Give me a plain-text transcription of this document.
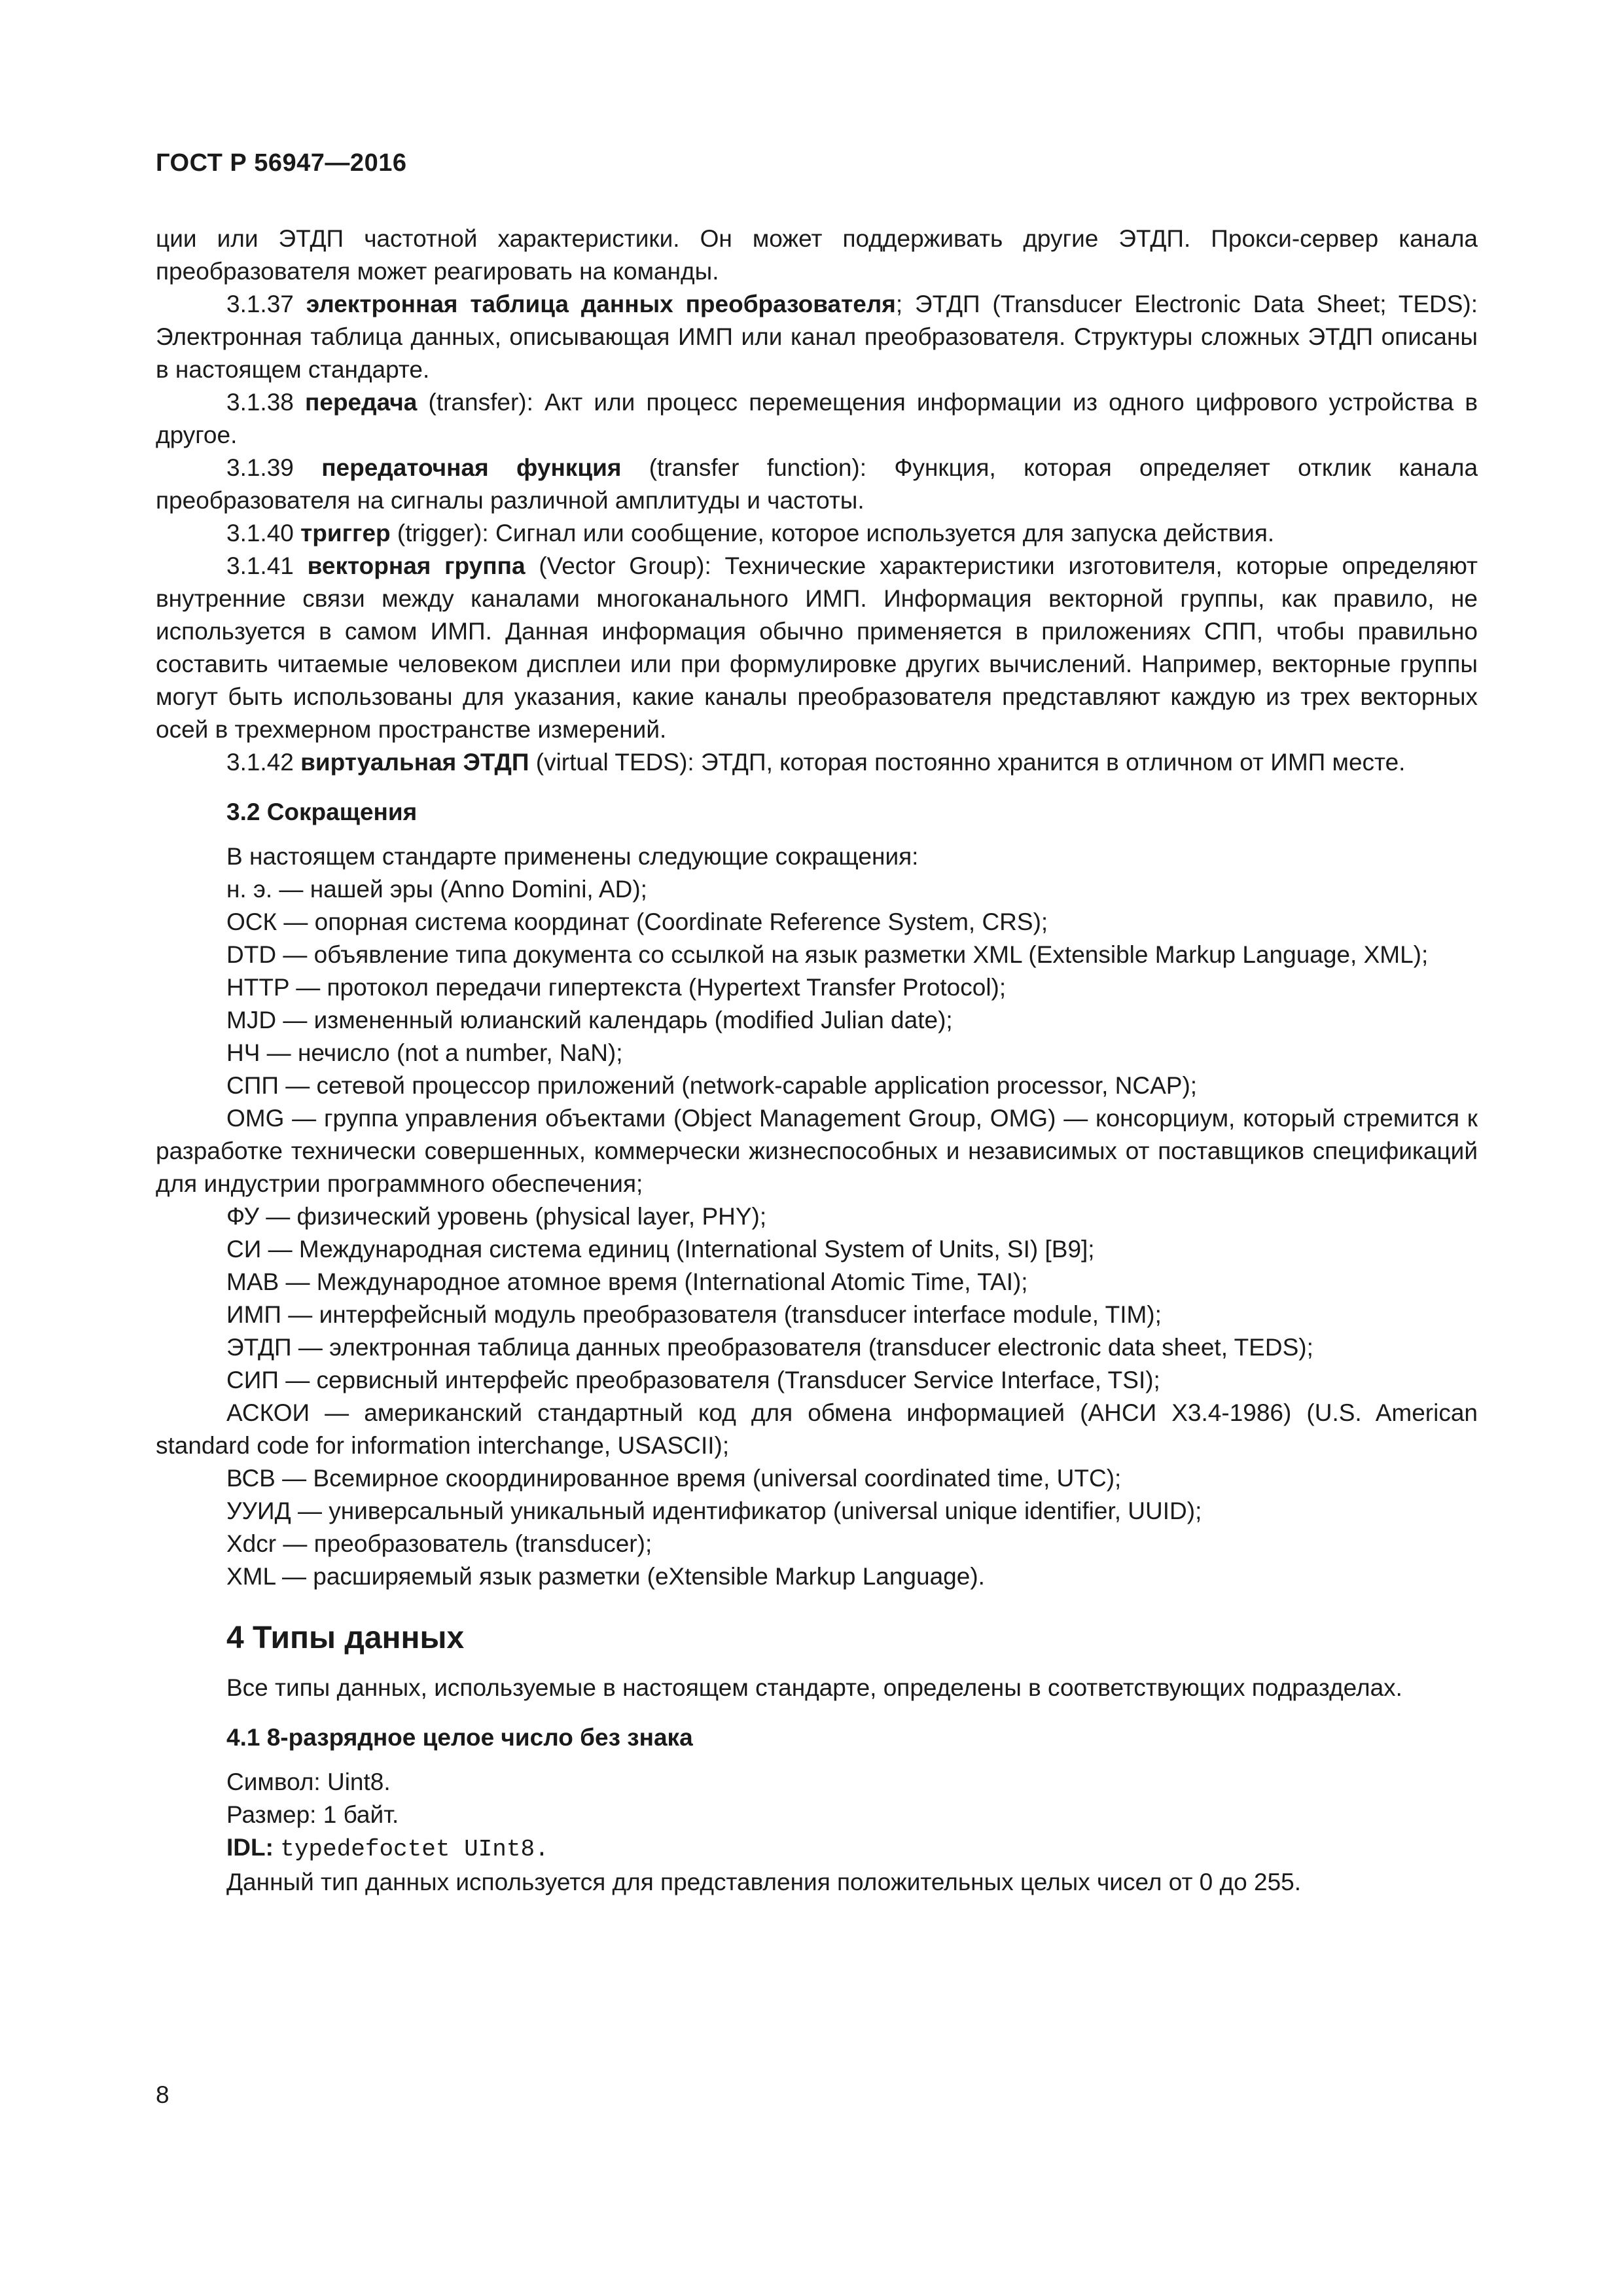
ГОСТ Р 56947—2016

ции или ЭТДП частотной характеристики. Он может поддерживать другие ЭТДП. Прокси-сервер канала преобразователя может реагировать на команды.

3.1.37 электронная таблица данных преобразователя; ЭТДП (Transducer Electronic Data Sheet; TEDS): Электронная таблица данных, описывающая ИМП или канал преобразователя. Структуры сложных ЭТДП описаны в настоящем стандарте.

3.1.38 передача (transfer): Акт или процесс перемещения информации из одного цифрового устройства в другое.

3.1.39 передаточная функция (transfer function): Функция, которая определяет отклик канала преобразователя на сигналы различной амплитуды и частоты.

3.1.40 триггер (trigger): Сигнал или сообщение, которое используется для запуска действия.

3.1.41 векторная группа (Vector Group): Технические характеристики изготовителя, которые определяют внутренние связи между каналами многоканального ИМП. Информация векторной группы, как правило, не используется в самом ИМП. Данная информация обычно применяется в приложениях СПП, чтобы правильно составить читаемые человеком дисплеи или при формулировке других вычислений. Например, векторные группы могут быть использованы для указания, какие каналы преобразователя представляют каждую из трех векторных осей в трехмерном пространстве измерений.

3.1.42 виртуальная ЭТДП (virtual TEDS): ЭТДП, которая постоянно хранится в отличном от ИМП месте.

3.2 Сокращения

В настоящем стандарте применены следующие сокращения:

н. э. — нашей эры (Anno Domini, AD);

ОСК — опорная система координат (Coordinate Reference System, CRS);

DTD — объявление типа документа со ссылкой на язык разметки XML (Extensible Markup Language, XML);

HTTP — протокол передачи гипертекста (Hypertext Transfer Protocol);

MJD — измененный юлианский календарь (modified Julian date);

НЧ — нечисло (not a number, NaN);

СПП — сетевой процессор приложений (network-capable application processor, NCAP);

OMG — группа управления объектами (Object Management Group, OMG) — консорциум, который стремится к разработке технически совершенных, коммерчески жизнеспособных и независимых от поставщиков спецификаций для индустрии программного обеспечения;

ФУ — физический уровень (physical layer, PHY);

СИ — Международная система единиц (International System of Units, SI) [B9];

МАВ — Международное атомное время (International Atomic Time, TAI);

ИМП — интерфейсный модуль преобразователя (transducer interface module, TIM);

ЭТДП — электронная таблица данных преобразователя (transducer electronic data sheet, TEDS);

СИП — сервисный интерфейс преобразователя (Transducer Service Interface, TSI);

АСКОИ — американский стандартный код для обмена информацией (АНСИ Х3.4-1986) (U.S. American standard code for information interchange, USASCII);

ВСВ — Всемирное скоординированное время (universal coordinated time, UTC);

УУИД — универсальный уникальный идентификатор (universal unique identifier, UUID);

Xdcr — преобразователь (transducer);

XML — расширяемый язык разметки (eXtensible Markup Language).

4 Типы данных

Все типы данных, используемые в настоящем стандарте, определены в соответствующих подразделах.

4.1 8-разрядное целое число без знака

Символ: Uint8.

Размер: 1 байт.

IDL: typedefoctet UInt8.

Данный тип данных используется для представления положительных целых чисел от 0 до 255.

8
